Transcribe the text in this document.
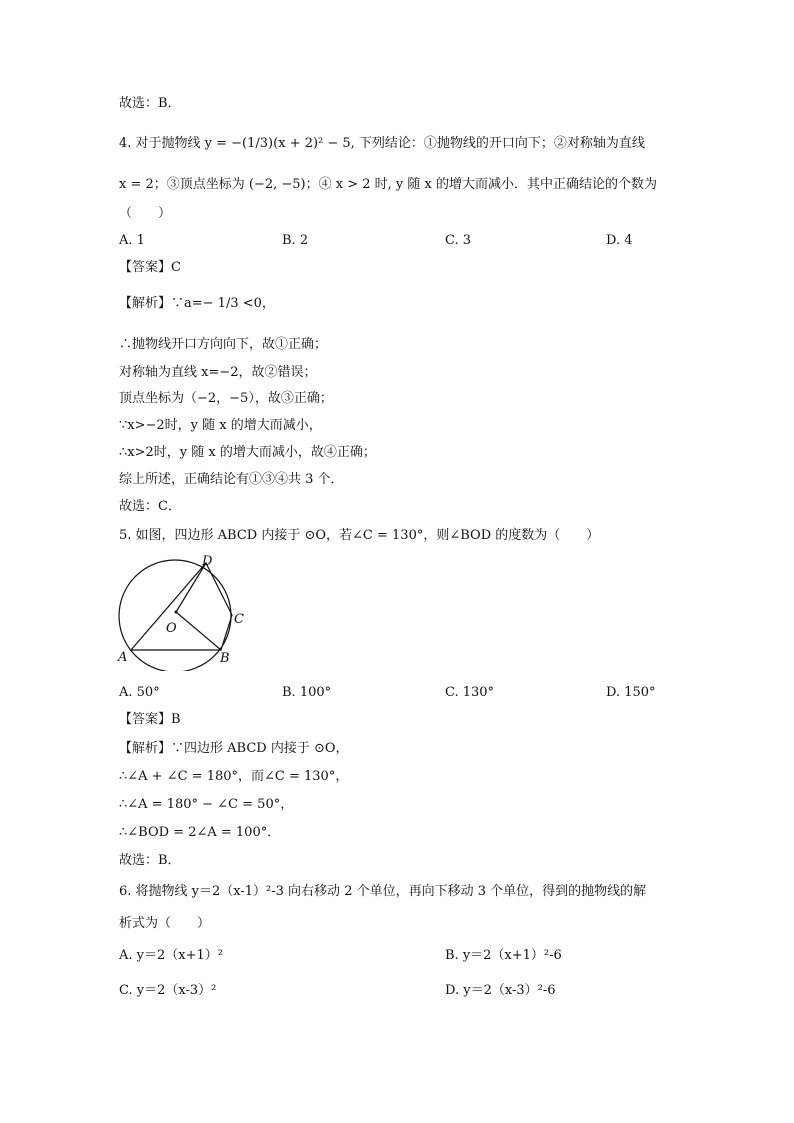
故选：B．
4. 对于抛物线 y = −(1/3)(x + 2)² − 5, 下列结论：①抛物线的开口向下；②对称轴为直线
x = 2；③顶点坐标为 (−2, −5)；④ x > 2 时, y 随 x 的增大而减小．其中正确结论的个数为
（　　）
A. 1	B. 2	C. 3	D. 4
【答案】C
【解析】∵a=− 1/3 <0，
∴抛物线开口方向向下，故①正确；
对称轴为直线 x=−2，故②错误；
顶点坐标为（−2，−5），故③正确；
∵x>−2时，y 随 x 的增大而减小，
∴x>2时，y 随 x 的增大而减小，故④正确；
综上所述，正确结论有①③④共 3 个．
故选：C．
5. 如图，四边形 ABCD 内接于 ⊙O，若∠C = 130°，则∠BOD 的度数为（　　）
D
C
O
A	B
A. 50°	B. 100°	C. 130°	D. 150°
【答案】B
【解析】∵四边形 ABCD 内接于 ⊙O，
∴∠A + ∠C = 180°，而∠C = 130°，
∴∠A = 180° − ∠C = 50°，
∴∠BOD = 2∠A = 100°．
故选：B．
6. 将抛物线 y＝2（x-1）²-3 向右移动 2 个单位，再向下移动 3 个单位，得到的抛物线的解
析式为（　　）
A. y＝2（x+1）²	B. y＝2（x+1）²-6
C. y＝2（x-3）²	D. y＝2（x-3）²-6
